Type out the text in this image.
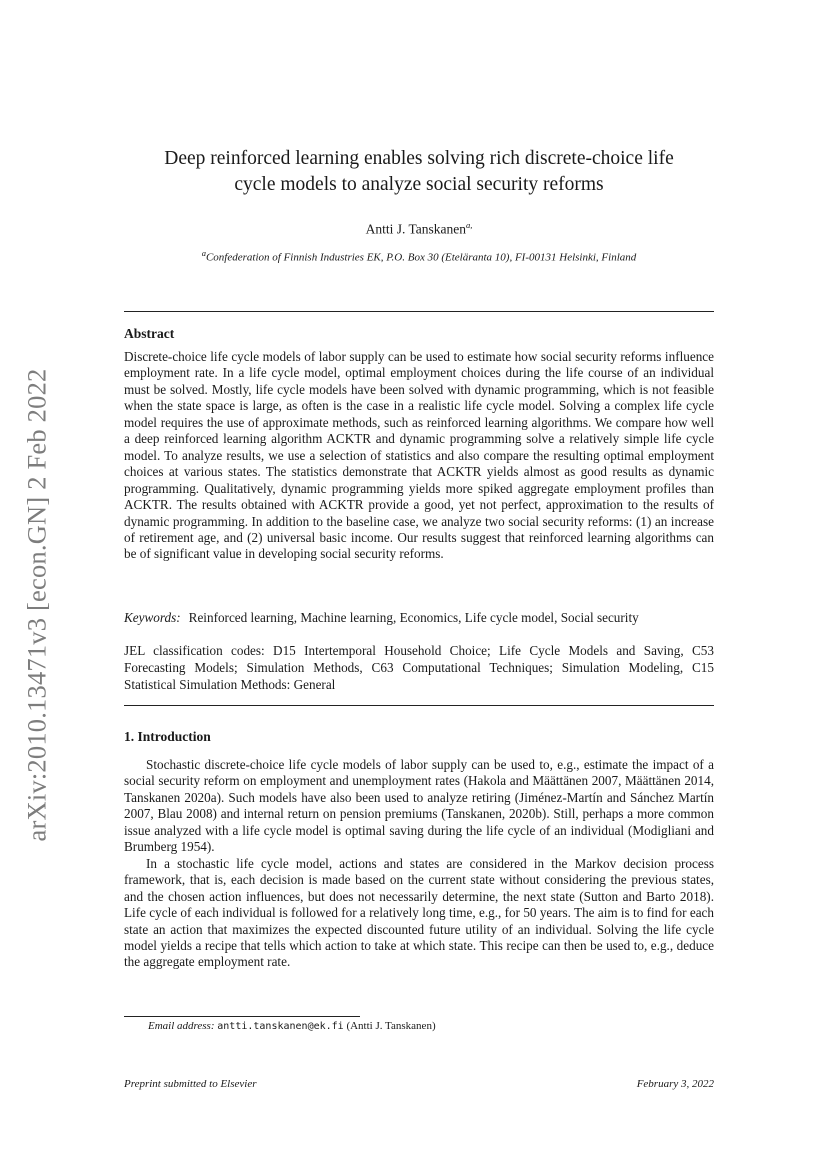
arXiv:2010.13471v3 [econ.GN] 2 Feb 2022
Deep reinforced learning enables solving rich discrete-choice life
cycle models to analyze social security reforms
Antti J. Tanskanen$^{a,}$
$^a$Confederation of Finnish Industries EK, P.O. Box 30 (Eteläranta 10), FI-00131 Helsinki, Finland
Abstract
Discrete-choice life cycle models of labor supply can be used to estimate how social security reforms influence employment rate. In a life cycle model, optimal employment choices during the life course of an individual must be solved. Mostly, life cycle models have been solved with dynamic programming, which is not feasible when the state space is large, as often is the case in a realistic life cycle model. Solving a complex life cycle model requires the use of approximate methods, such as reinforced learning algorithms. We compare how well a deep reinforced learning algorithm ACKTR and dynamic programming solve a relatively simple life cycle model. To analyze results, we use a selection of statistics and also compare the resulting optimal employment choices at various states. The statistics demonstrate that ACKTR yields almost as good results as dynamic programming. Qualitatively, dynamic programming yields more spiked aggregate employment profiles than ACKTR. The results obtained with ACKTR provide a good, yet not perfect, approximation to the results of dynamic programming. In addition to the baseline case, we analyze two social security reforms: (1) an increase of retirement age, and (2) universal basic income. Our results suggest that reinforced learning algorithms can be of significant value in developing social security reforms.
Keywords: Reinforced learning, Machine learning, Economics, Life cycle model, Social security
JEL classification codes: D15 Intertemporal Household Choice; Life Cycle Models and Saving, C53 Forecasting Models; Simulation Methods, C63 Computational Techniques; Simulation Modeling, C15 Statistical Simulation Methods: General
1. Introduction

Stochastic discrete-choice life cycle models of labor supply can be used to, e.g., estimate the impact of a social security reform on employment and unemployment rates (Hakola and Määttänen 2007, Määttänen 2014, Tanskanen 2020a). Such models have also been used to analyze retiring (Jiménez-Martín and Sánchez Martín 2007, Blau 2008) and internal return on pension premiums (Tanskanen, 2020b). Still, perhaps a more common issue analyzed with a life cycle model is optimal saving during the life cycle of an individual (Modigliani and Brumberg 1954).

In a stochastic life cycle model, actions and states are considered in the Markov decision process framework, that is, each decision is made based on the current state without considering the previous states, and the chosen action influences, but does not necessarily determine, the next state (Sutton and Barto 2018). Life cycle of each individual is followed for a relatively long time, e.g., for 50 years. The aim is to find for each state an action that maximizes the expected discounted future utility of an individual. Solving the life cycle model yields a recipe that tells which action to take at which state. This recipe can then be used to, e.g., deduce the aggregate employment rate.

Email address: antti.tanskanen@ek.fi (Antti J. Tanskanen)
Preprint submitted to Elsevier	February 3, 2022
